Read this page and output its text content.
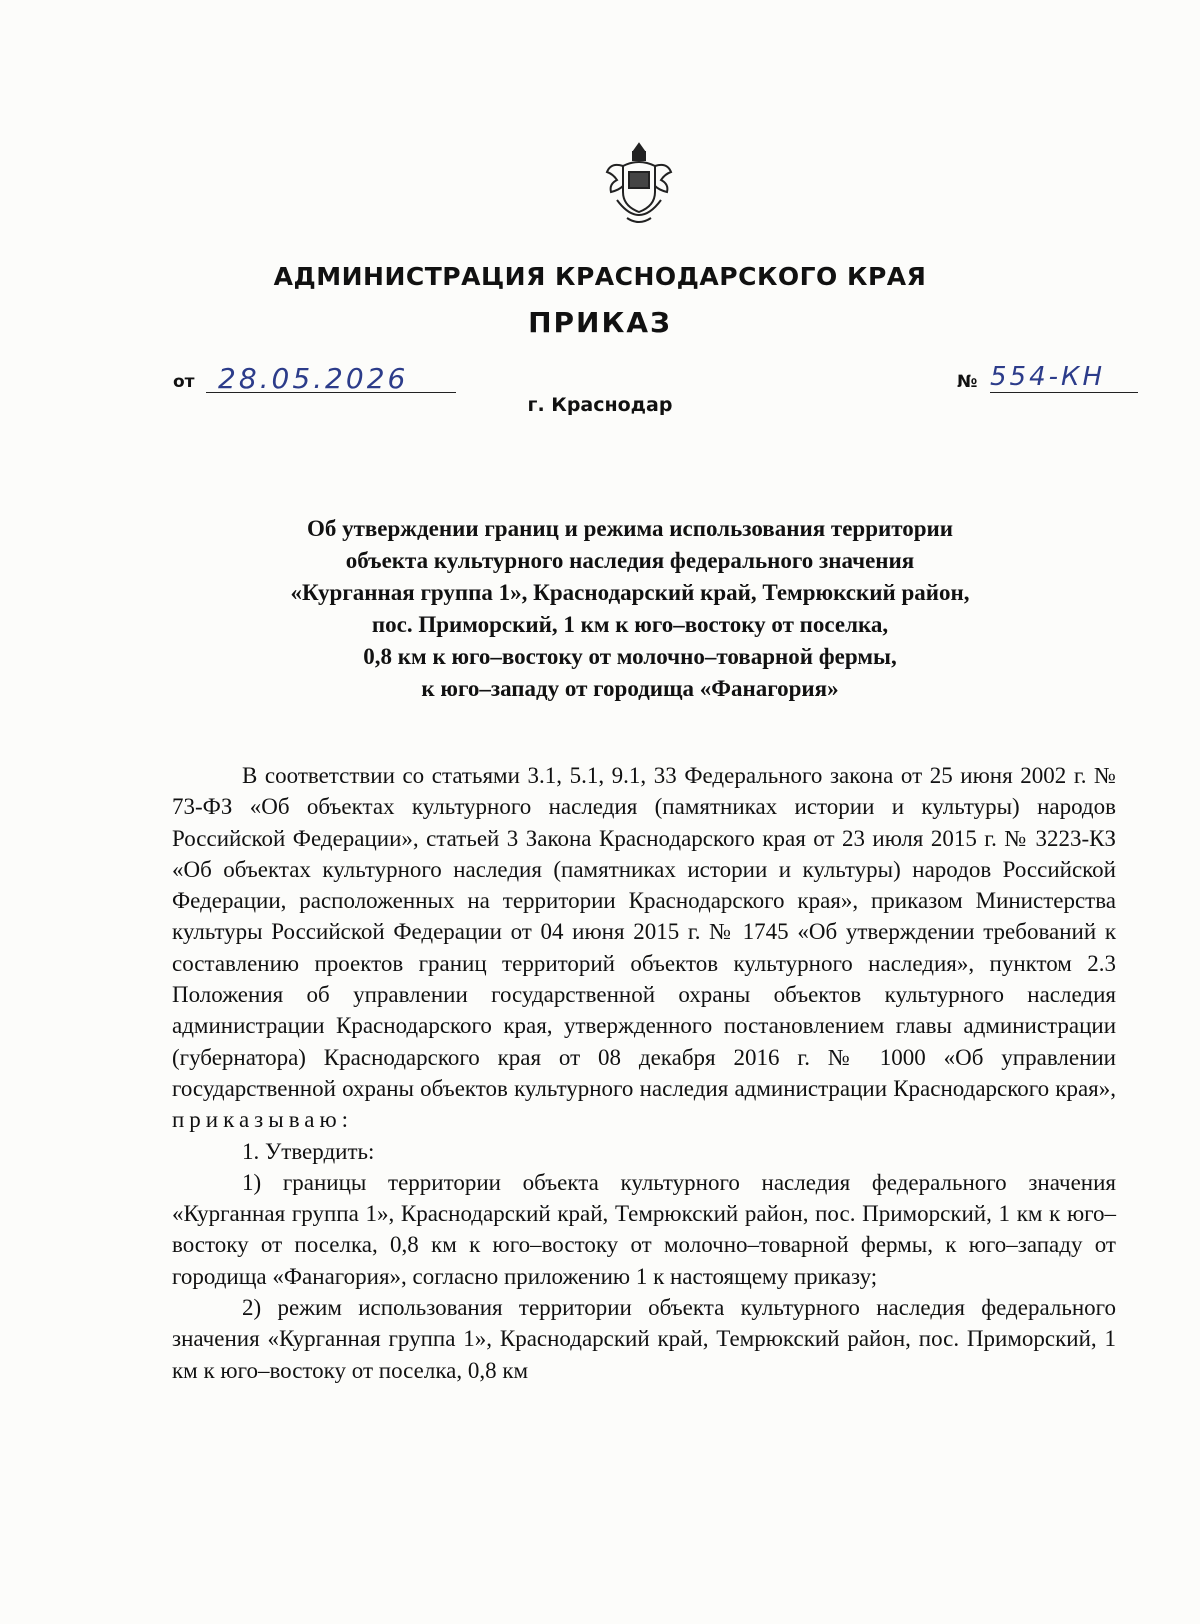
АДМИНИСТРАЦИЯ КРАСНОДАРСКОГО КРАЯ
ПРИКАЗ
от 28.05.2026
г. Краснодар
№ 554-КН
Об утверждении границ и режима использования территории
объекта культурного наследия федерального значения
«Курганная группа 1», Краснодарский край, Темрюкский район,
пос. Приморский, 1 км к юго–востоку от поселка,
0,8 км к юго–востоку от молочно–товарной фермы,
к юго–западу от городища «Фанагория»

В соответствии со статьями 3.1, 5.1, 9.1, 33 Федерального закона от 25 июня 2002 г. № 73-ФЗ «Об объектах культурного наследия (памятниках истории и культуры) народов Российской Федерации», статьей 3 Закона Краснодарского края от 23 июля 2015 г. № 3223-КЗ «Об объектах культурного наследия (памятниках истории и культуры) народов Российской Федерации, расположенных на территории Краснодарского края», приказом Министерства культуры Российской Федерации от 04 июня 2015 г. № 1745 «Об утверждении требований к составлению проектов границ территорий объектов культурного наследия», пунктом 2.3 Положения об управлении государственной охраны объектов культурного наследия администрации Краснодарского края, утвержденного постановлением главы администрации (губернатора) Краснодарского края от 08 декабря 2016 г. № 1000 «Об управлении государственной охраны объектов культурного наследия администрации Краснодарского края», приказываю:

1. Утвердить:

1) границы территории объекта культурного наследия федерального значения «Курганная группа 1», Краснодарский край, Темрюкский район, пос. Приморский, 1 км к юго–востоку от поселка, 0,8 км к юго–востоку от молочно–товарной фермы, к юго–западу от городища «Фанагория», согласно приложению 1 к настоящему приказу;

2) режим использования территории объекта культурного наследия федерального значения «Курганная группа 1», Краснодарский край, Темрюкский район, пос. Приморский, 1 км к юго–востоку от поселка, 0,8 км
